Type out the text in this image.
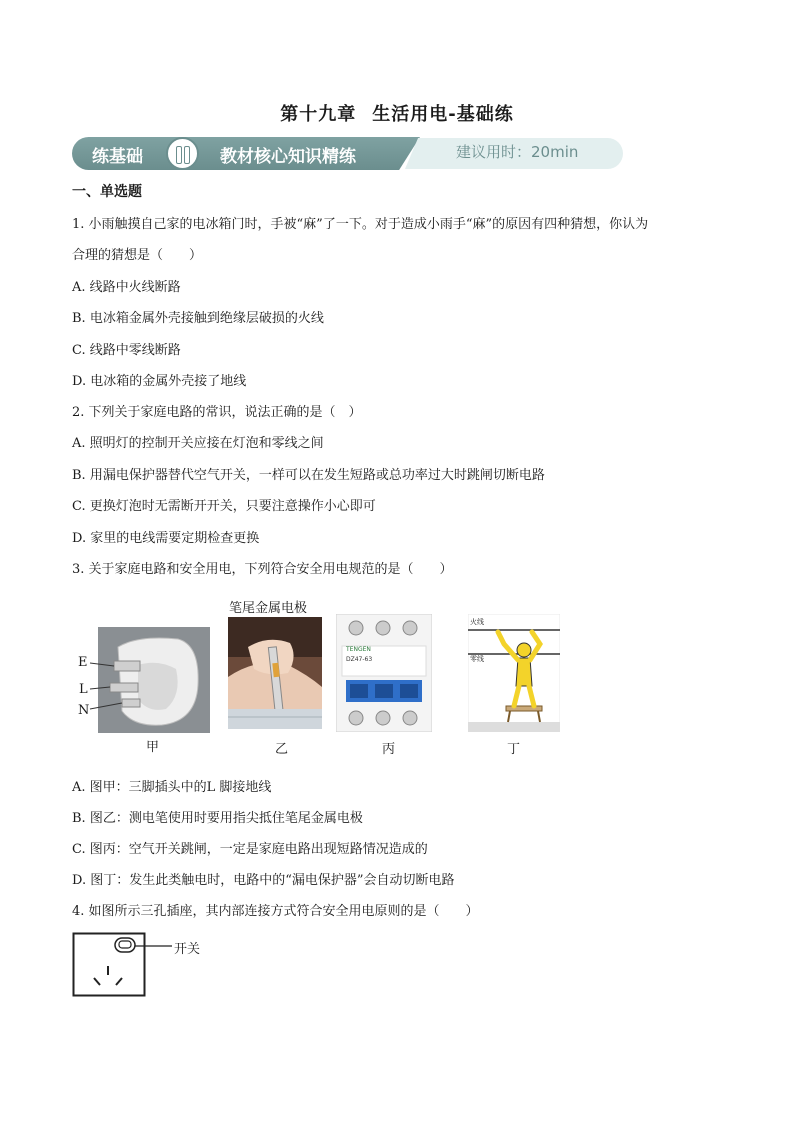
第十九章 生活用电-基础练
练基础	教材核心知识精练	建议用时：20min
一、单选题
1. 小雨触摸自己家的电冰箱门时，手被“麻”了一下。对于造成小雨手“麻”的原因有四种猜想，你认为
合理的猜想是（　　）
A. 线路中火线断路
B. 电冰箱金属外壳接触到绝缘层破损的火线
C. 线路中零线断路
D. 电冰箱的金属外壳接了地线
2. 下列关于家庭电路的常识，说法正确的是（　）
A. 照明灯的控制开关应接在灯泡和零线之间
B. 用漏电保护器替代空气开关，一样可以在发生短路或总功率过大时跳闸切断电路
C. 更换灯泡时无需断开开关，只要注意操作小心即可
D. 家里的电线需要定期检查更换
3. 关于家庭电路和安全用电，下列符合安全用电规范的是（　　）
E
L
N
甲
笔尾金属电极
乙
TENGEN
DZ47-63
丙
火线
零线
丁
A. 图甲：三脚插头中的L 脚接地线
B. 图乙：测电笔使用时要用指尖抵住笔尾金属电极
C. 图丙：空气开关跳闸，一定是家庭电路出现短路情况造成的
D. 图丁：发生此类触电时，电路中的“漏电保护器”会自动切断电路
4. 如图所示三孔插座，其内部连接方式符合安全用电原则的是（　　）
开关
